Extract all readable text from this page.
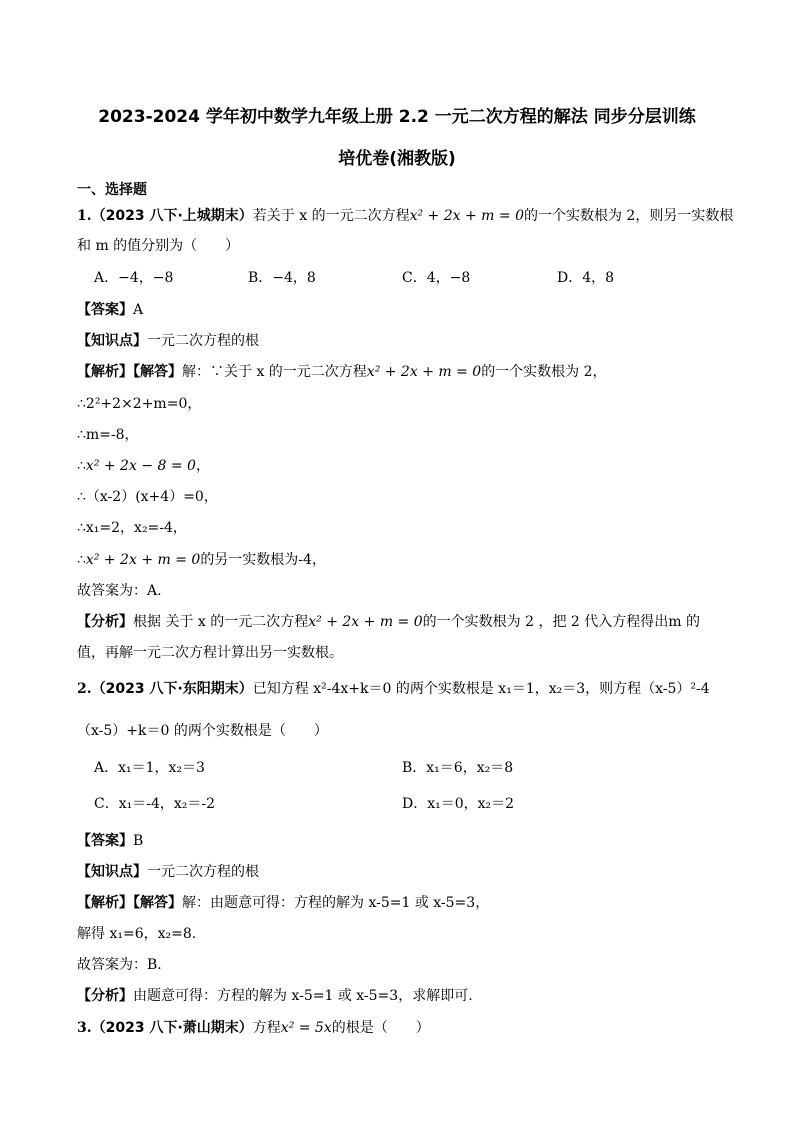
2023-2024 学年初中数学九年级上册 2.2 一元二次方程的解法 同步分层训练
培优卷(湘教版)
一、选择题
1.（2023 八下·上城期末）若关于 x 的一元二次方程x² + 2x + m = 0的一个实数根为 2，则另一实数根
和 m 的值分别为（　　）
A．−4，−8	B．−4，8	C．4，−8	D．4，8
【答案】A
【知识点】一元二次方程的根
【解析】【解答】解：∵关于 x 的一元二次方程x² + 2x + m = 0的一个实数根为 2，
∴2²+2×2+m=0，
∴m=-8，
∴x² + 2x − 8 = 0，
∴（x-2）(x+4）=0，
∴x₁=2，x₂=-4，
∴x² + 2x + m = 0的另一实数根为-4，
故答案为：A.
【分析】根据 关于 x 的一元二次方程x² + 2x + m = 0的一个实数根为 2 ，把 2 代入方程得出m 的
值，再解一元二次方程计算出另一实数根。
2.（2023 八下·东阳期末）已知方程 x²-4x+k＝0 的两个实数根是 x₁＝1，x₂＝3，则方程（x-5）²-4
（x-5）+k＝0 的两个实数根是（　　）
A．x₁＝1，x₂＝3	B．x₁＝6，x₂＝8
C．x₁＝-4，x₂＝-2	D．x₁＝0，x₂＝2
【答案】B
【知识点】一元二次方程的根
【解析】【解答】解：由题意可得：方程的解为 x-5=1 或 x-5=3，
解得 x₁=6，x₂=8.
故答案为：B.
【分析】由题意可得：方程的解为 x-5=1 或 x-5=3，求解即可.
3.（2023 八下·萧山期末）方程x² = 5x的根是（　　）
